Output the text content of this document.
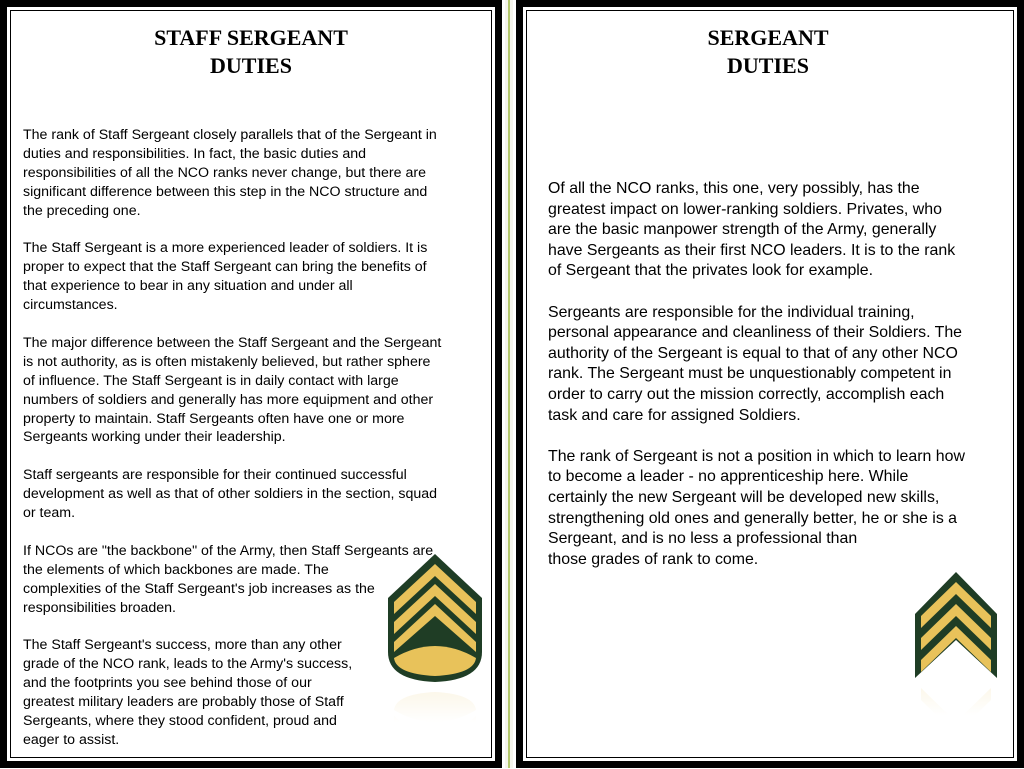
STAFF SERGEANT
DUTIES
SERGEANT
DUTIES

The rank of Staff Sergeant closely parallels that of the Sergeant in
duties and responsibilities. In fact, the basic duties and
responsibilities of all the NCO ranks never change, but there are
significant difference between this step in the NCO structure and
the preceding one.

The Staff Sergeant is a more experienced leader of soldiers. It is
proper to expect that the Staff Sergeant can bring the benefits of
that experience to bear in any situation and under all
circumstances.

The major difference between the Staff Sergeant and the Sergeant
is not authority, as is often mistakenly believed, but rather sphere
of influence. The Staff Sergeant is in daily contact with large
numbers of soldiers and generally has more equipment and other
property to maintain. Staff Sergeants often have one or more
Sergeants working under their leadership.

Staff sergeants are responsible for their continued successful
development as well as that of other soldiers in the section, squad
or team.

If NCOs are "the backbone" of the Army, then Staff Sergeants are
the elements of which backbones are made. The
complexities of the Staff Sergeant's job increases as the
responsibilities broaden.

The Staff Sergeant's success, more than any other
grade of the NCO rank, leads to the Army's success,
and the footprints you see behind those of our
greatest military leaders are probably those of Staff
Sergeants, where they stood confident, proud and
eager to assist.

Of all the NCO ranks, this one, very possibly, has the
greatest impact on lower-ranking soldiers. Privates, who
are the basic manpower strength of the Army, generally
have Sergeants as their first NCO leaders. It is to the rank
of Sergeant that the privates look for example.

Sergeants are responsible for the individual training,
personal appearance and cleanliness of their Soldiers. The
authority of the Sergeant is equal to that of any other NCO
rank. The Sergeant must be unquestionably competent in
order to carry out the mission correctly, accomplish each
task and care for assigned Soldiers.

The rank of Sergeant is not a position in which to learn how
to become a leader - no apprenticeship here. While
certainly the new Sergeant will be developed new skills,
strengthening old ones and generally better, he or she is a
Sergeant, and is no less a professional than
those grades of rank to come.
